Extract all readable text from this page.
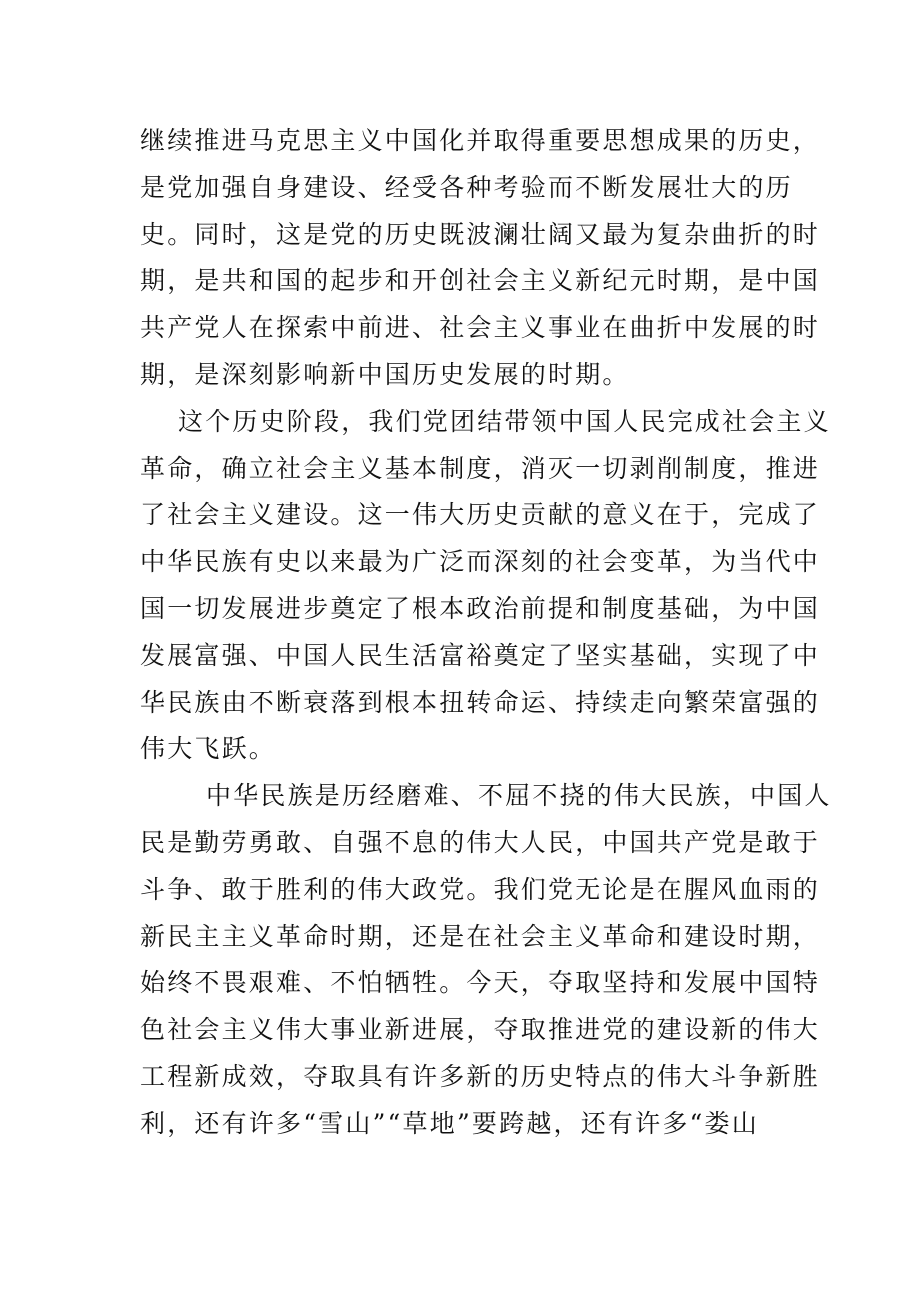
继续推进马克思主义中国化并取得重要思想成果的历史，
是党加强自身建设、经受各种考验而不断发展壮大的历
史。同时，这是党的历史既波澜壮阔又最为复杂曲折的时
期，是共和国的起步和开创社会主义新纪元时期，是中国
共产党人在探索中前进、社会主义事业在曲折中发展的时
期，是深刻影响新中国历史发展的时期。
这个历史阶段，我们党团结带领中国人民完成社会主义
革命，确立社会主义基本制度，消灭一切剥削制度，推进
了社会主义建设。这一伟大历史贡献的意义在于，完成了
中华民族有史以来最为广泛而深刻的社会变革，为当代中
国一切发展进步奠定了根本政治前提和制度基础，为中国
发展富强、中国人民生活富裕奠定了坚实基础，实现了中
华民族由不断衰落到根本扭转命运、持续走向繁荣富强的
伟大飞跃。
中华民族是历经磨难、不屈不挠的伟大民族，中国人
民是勤劳勇敢、自强不息的伟大人民，中国共产党是敢于
斗争、敢于胜利的伟大政党。我们党无论是在腥风血雨的
新民主主义革命时期，还是在社会主义革命和建设时期，
始终不畏艰难、不怕牺牲。今天，夺取坚持和发展中国特
色社会主义伟大事业新进展，夺取推进党的建设新的伟大
工程新成效，夺取具有许多新的历史特点的伟大斗争新胜
利，还有许多“雪山”“草地”要跨越，还有许多“娄山
